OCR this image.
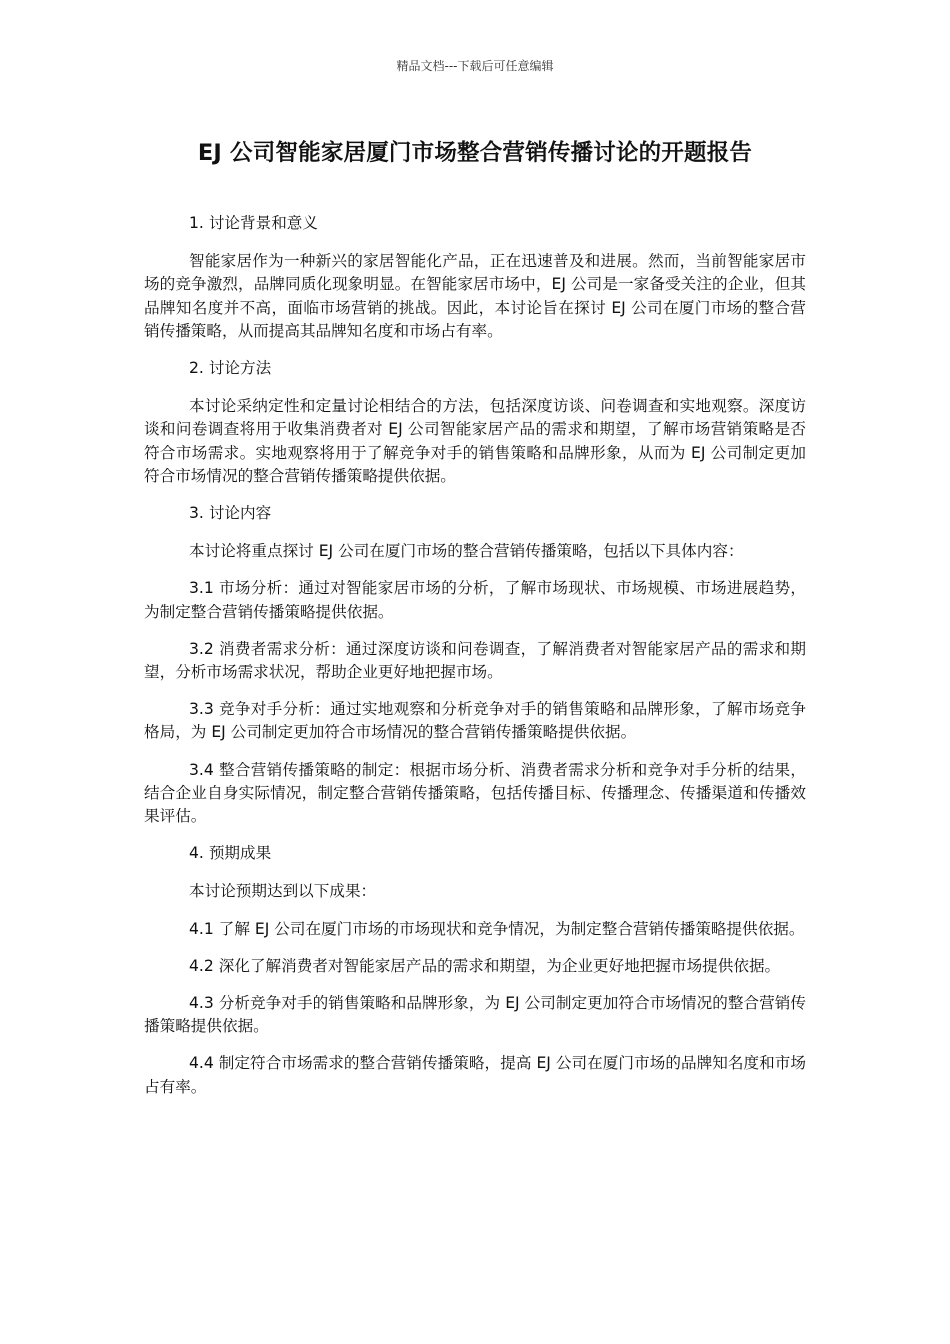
精品文档---下载后可任意编辑
EJ 公司智能家居厦门市场整合营销传播讨论的开题报告

1. 讨论背景和意义

智能家居作为一种新兴的家居智能化产品，正在迅速普及和进展。然而，当前智能家居市场的竞争激烈，品牌同质化现象明显。在智能家居市场中，EJ 公司是一家备受关注的企业，但其品牌知名度并不高，面临市场营销的挑战。因此，本讨论旨在探讨 EJ 公司在厦门市场的整合营销传播策略，从而提高其品牌知名度和市场占有率。

2. 讨论方法

本讨论采纳定性和定量讨论相结合的方法，包括深度访谈、问卷调查和实地观察。深度访谈和问卷调查将用于收集消费者对 EJ 公司智能家居产品的需求和期望，了解市场营销策略是否符合市场需求。实地观察将用于了解竞争对手的销售策略和品牌形象，从而为 EJ 公司制定更加符合市场情况的整合营销传播策略提供依据。

3. 讨论内容

本讨论将重点探讨 EJ 公司在厦门市场的整合营销传播策略，包括以下具体内容：

3.1 市场分析：通过对智能家居市场的分析，了解市场现状、市场规模、市场进展趋势，为制定整合营销传播策略提供依据。

3.2 消费者需求分析：通过深度访谈和问卷调查，了解消费者对智能家居产品的需求和期望，分析市场需求状况，帮助企业更好地把握市场。

3.3 竞争对手分析：通过实地观察和分析竞争对手的销售策略和品牌形象，了解市场竞争格局，为 EJ 公司制定更加符合市场情况的整合营销传播策略提供依据。

3.4 整合营销传播策略的制定：根据市场分析、消费者需求分析和竞争对手分析的结果，结合企业自身实际情况，制定整合营销传播策略，包括传播目标、传播理念、传播渠道和传播效果评估。

4. 预期成果

本讨论预期达到以下成果：

4.1 了解 EJ 公司在厦门市场的市场现状和竞争情况，为制定整合营销传播策略提供依据。

4.2 深化了解消费者对智能家居产品的需求和期望，为企业更好地把握市场提供依据。

4.3 分析竞争对手的销售策略和品牌形象，为 EJ 公司制定更加符合市场情况的整合营销传播策略提供依据。

4.4 制定符合市场需求的整合营销传播策略，提高 EJ 公司在厦门市场的品牌知名度和市场占有率。
